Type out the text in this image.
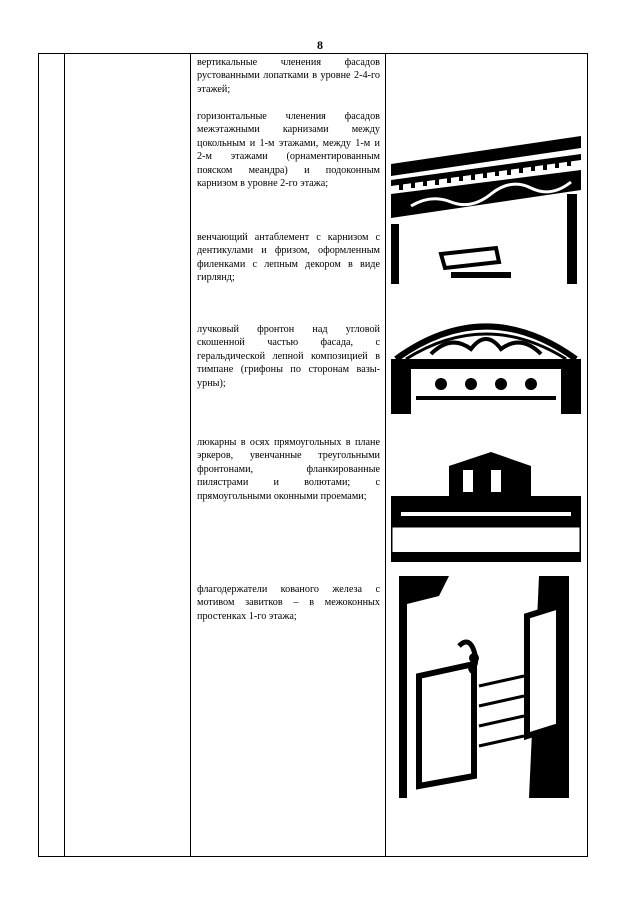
8
вертикальные членения фасадов рустованными лопатками в уровне 2-4-го этажей;
горизонтальные членения фасадов межэтажными карнизами между цокольным и 1-м этажами, между 1-м и 2-м этажами (орнаментированным пояском меандра) и подоконным карнизом в уровне 2-го этажа;
венчающий антаблемент с карнизом с дентикулами и фризом, оформленным филенками с лепным декором в виде гирлянд;
лучковый фронтон над угловой скошенной частью фасада, с геральдической лепной композицией в тимпане (грифоны по сторонам вазы-урны);
люкарны в осях прямоугольных в плане эркеров, увенчанные треугольными фронтонами, фланкированные пилястрами и волютами; с прямоугольными оконными проемами;
флагодержатели кованого железа с мотивом завитков – в межоконных простенках 1-го этажа;
